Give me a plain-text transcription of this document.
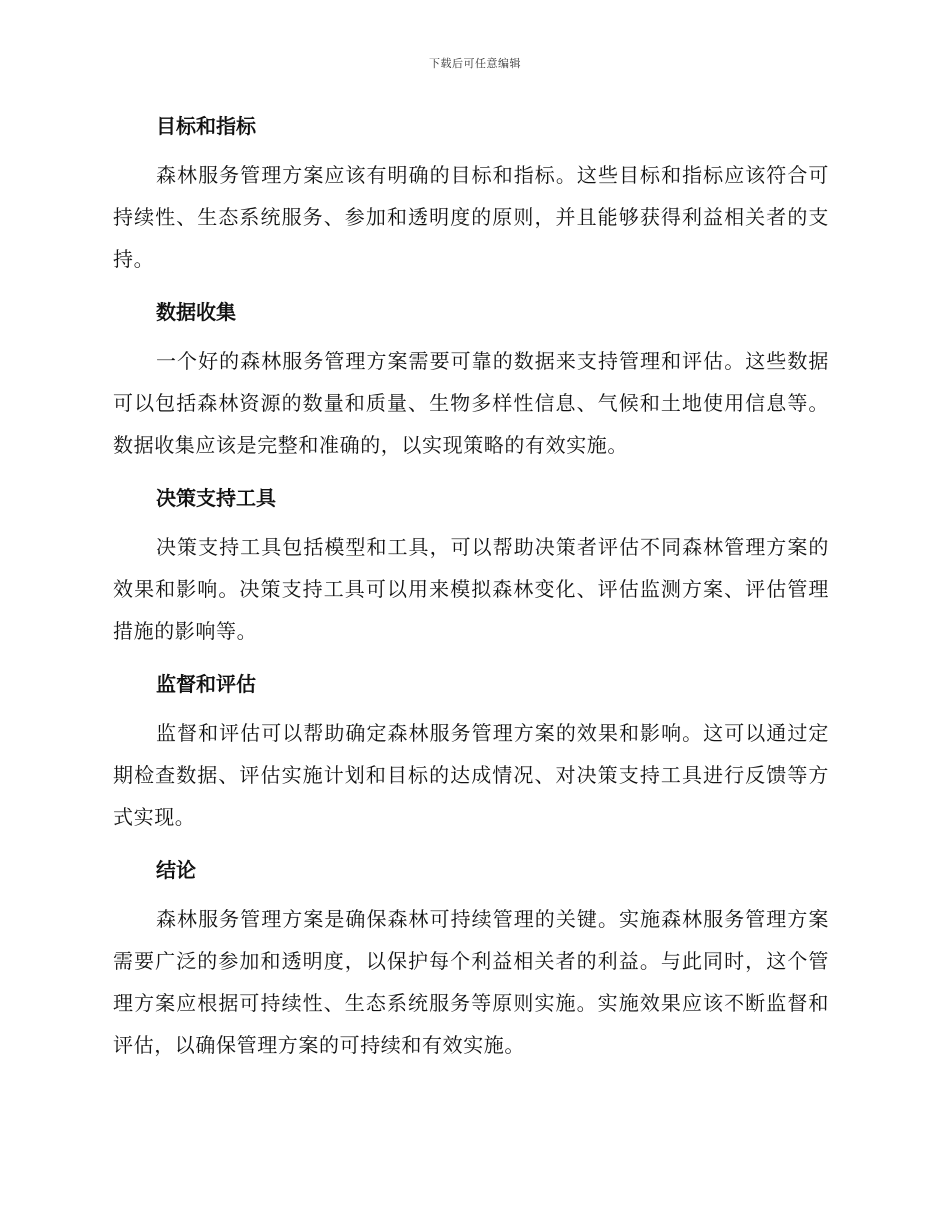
下载后可任意编辑
目标和指标

森林服务管理方案应该有明确的目标和指标。这些目标和指标应该符合可持续性、生态系统服务、参加和透明度的原则，并且能够获得利益相关者的支持。

数据收集

一个好的森林服务管理方案需要可靠的数据来支持管理和评估。这些数据可以包括森林资源的数量和质量、生物多样性信息、气候和土地使用信息等。数据收集应该是完整和准确的，以实现策略的有效实施。

决策支持工具

决策支持工具包括模型和工具，可以帮助决策者评估不同森林管理方案的效果和影响。决策支持工具可以用来模拟森林变化、评估监测方案、评估管理措施的影响等。

监督和评估

监督和评估可以帮助确定森林服务管理方案的效果和影响。这可以通过定期检查数据、评估实施计划和目标的达成情况、对决策支持工具进行反馈等方式实现。

结论

森林服务管理方案是确保森林可持续管理的关键。实施森林服务管理方案需要广泛的参加和透明度，以保护每个利益相关者的利益。与此同时，这个管理方案应根据可持续性、生态系统服务等原则实施。实施效果应该不断监督和评估，以确保管理方案的可持续和有效实施。
